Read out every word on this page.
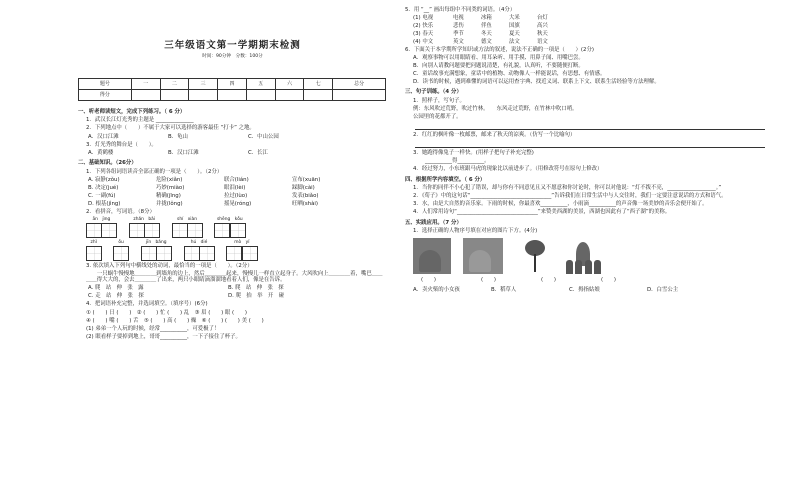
三年级语文第一学期期末检测
时间：90分钟　分数：100分
题号	一	二	三	四	五	六	七	总分
得分								
一、听老师读短文，完成下列练习。（ 6 分）
1．武汉长江灯光秀的主题是 ______________
2．下列地点中（　　）不属于大家可以选择的游客最佳 “打卡” 之地。
A．汉口江滩	B．龟山	C．中山公园
3．灯光秀的舞台是（　　）。
A．黄鹤楼	B．汉口江滩	C．长江
二、基础知识。（26分）
1．下列各组词语读音全部正确的一项是（　　）。（2分）
A. 寂静(zǒu)	危险(xiǎn)	联合(lián)	宣布(xuān)
B. 决定(jué)	巧妙(miào)	眼泪(lèi)	踩脚(cài)
C. 一副(fú)	精确(jīng)	拉过(lùo)	发表(biǎo)
D. 根基(jìng)	并拢(lǒng)	摇晃(róng)	旺晒(shài)
2．看拼音，写词语。（8分）
ān　jìng	zhǎn　bǎi	shí　xiàn	shēng　kǒu
zhǐ	ǒu	jīn　bǎng	hú　dié	mò　yǐ
3. 依次填入下列句中横线处的动词，最恰当的一项是（　　）。（2分）
　　一只蜗牛慢慢地＿＿＿＿到墙角的边上，然后＿＿＿＿起来，慢慢儿一样直立起身子。大风吹向上＿＿＿＿着，嘴巴＿＿＿＿得大大的，会去＿＿＿＿了出来，两只小眼睛滴溜溜地看着人们，像是在告诉。
A. 爬　站　伸　张　露	B. 爬　站　伸　张　探
C. 走　站　伸　张　探	D. 爬　抬　举　开　碰
4．把词语补充完整，并选词填空。（填序号）(6分)
① (　　) 日 (　　)　② (　　) 忙 (　　) 乱　③ 眉 (　　) 眼 (　　)
④ (　　) 嘴 (　　) 舌　⑤ (　　) 高 (　　) 燥　⑥ (　　) (　　) 美 (　　)
(1) 弟弟一个人玩的时候，经常__________，可爱极了！
(2) 眼看样子要掉到地上，哥哥__________，一下子接住了杯子。
5．用 “__” 画出每组中不同类的词语。（4分）
(1) 电视	电视	冰箱	大米	台灯
(2) 快乐	悲伤	伴鱼	国旗	高兴
(3) 春天	季节	冬天	夏天	秋天
(4) 中文	英文	德文	法文	语文
6．下面关于本学期所学知识或方法的叙述，说法不正确的一项是（　　）(2分)
A．观察事物可以用眼睛看、用耳朵听、用手摸、用鼻子闻、用嘴巴尝。
B．向别人请教问题要把问题说清楚，有礼貌，认真听，不要随便打断。
C．童话故事充满想象，童话中的植物、动物像人一样能说话，有思想、有情感。
D．读书的时候，遇到难懂的词语可以运用查字典、找近义词、联系上下文、联系生活经验等方法理解。
三、句子训练。（4 分）
1．照样子，写句子。
例：东风吹过荒野，吹过竹林。　　东风走过荒野，在竹林中吹口哨。
公园里的花都开了。
2．红红的枫叶像一枚邮票，邮来了秋天的凉爽。（仿写一个比喻句）
3．她跑得像兔子一样快。(用样子把句子补充完整)
__________得__________。
4．经过努力，小东班跟马虎的现象比以前进步了。（用修改符号在原句上修改）
四、根据所学内容填空。（ 6 分）
1．当你的同伴不小心犯了错误，却与你有不同意见且又不愿意和你讨论时，你可以对他说：“灯不拨不亮，__________________。”
2．《荀子》中的这句话“______________________________”告诉我们在日常生活中与人交往时，我们一定要注意说话的方式和语气。
3．水，由是大自然的音乐家。下雨的时候，你最喜欢__________，小雨滴__________的声音像一场美妙的音乐会便开始了。
4．人们常用诗句“______________________________”来赞美西湖的美景，西湖也因此有了“西子湖”的美称。
五、实践应用。（7 分）
1．选择正确的人物序号填在对应的图片下方。(4分)
(　　)	(　　)	(　　)	(　　)
A．卖火柴的小女孩	B．稻草人	C．拇指姑娘	D．白雪公主
